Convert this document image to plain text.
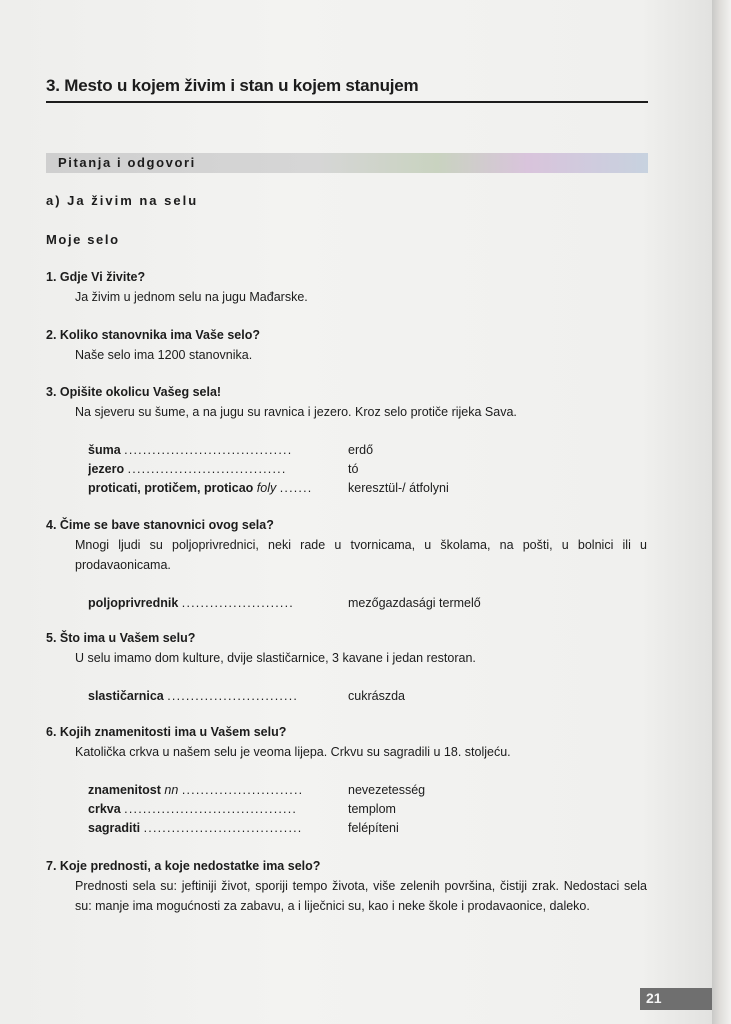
3. Mesto u kojem živim i stan u kojem stanujem
Pitanja i odgovori
a) Ja živim na selu
Moje selo
1. Gdje Vi živite?
Ja živim u jednom selu na jugu Mađarske.
2. Koliko stanovnika ima Vaše selo?
Naše selo ima 1200 stanovnika.
3. Opišite okolicu Vašeg sela!
Na sjeveru su šume, a na jugu su ravnica i jezero. Kroz selo protiče rijeka Sava.
šuma ....................................	erdő
jezero ..................................	tó
proticati, protičem, proticao foly .......	keresztül-/ átfolyni
4. Čime se bave stanovnici ovog sela?
Mnogi ljudi su poljoprivrednici, neki rade u tvornicama, u školama, na pošti, u bolnici ili u prodavaonicama.
poljoprivrednik ........................	mezőgazdasági termelő
5. Što ima u Vašem selu?
U selu imamo dom kulture, dvije slastičarnice, 3 kavane i jedan restoran.
slastičarnica ............................	cukrászda
6. Kojih znamenitosti ima u Vašem selu?
Katolička crkva u našem selu je veoma lijepa. Crkvu su sagradili u 18. stoljeću.
znamenitost nn ..........................	nevezetesség
crkva .....................................	templom
sagraditi ..................................	felépíteni
7. Koje prednosti, a koje nedostatke ima selo?
Prednosti sela su: jeftiniji život, sporiji tempo života, više zelenih površina, čistiji zrak. Nedostaci sela su: manje ima mogućnosti za zabavu, a i liječnici su, kao i neke škole i prodavaonice, daleko.
21
